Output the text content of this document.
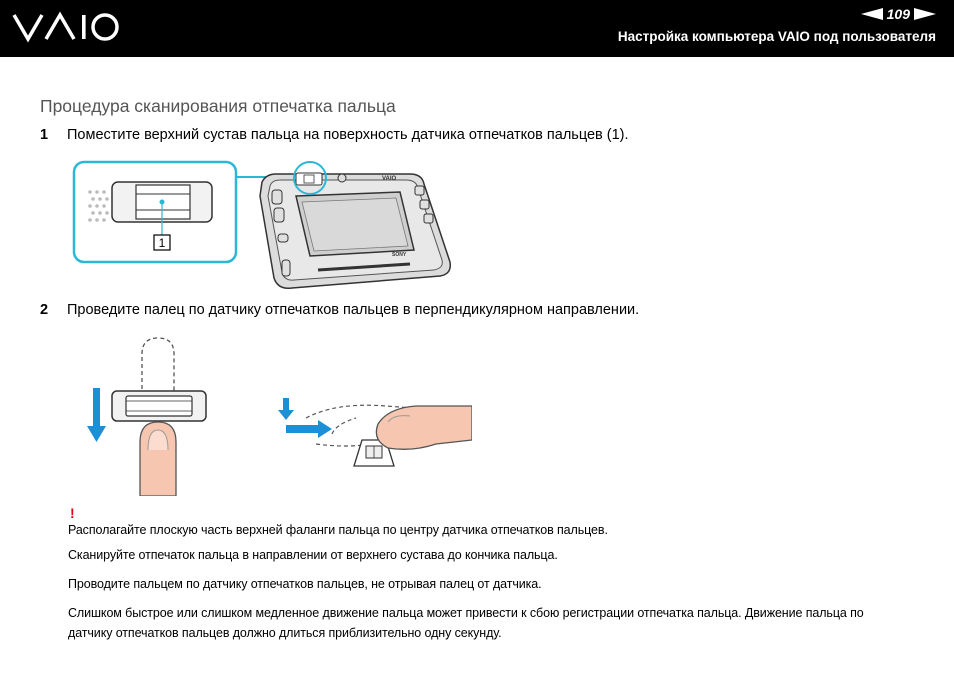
109
Настройка компьютера VAIO под пользователя
Процедура сканирования отпечатка пальца
1	Поместите верхний сустав пальца на поверхность датчика отпечатков пальцев (1).
1
VAIO
SONY
2	Проведите палец по датчику отпечатков пальцев в перпендикулярном направлении.
!
Располагайте плоскую часть верхней фаланги пальца по центру датчика отпечатков пальцев.
Сканируйте отпечаток пальца в направлении от верхнего сустава до кончика пальца.
Проводите пальцем по датчику отпечатков пальцев, не отрывая палец от датчика.
Слишком быстрое или слишком медленное движение пальца может привести к сбою регистрации отпечатка пальца. Движение пальца по датчику отпечатков пальцев должно длиться приблизительно одну секунду.
